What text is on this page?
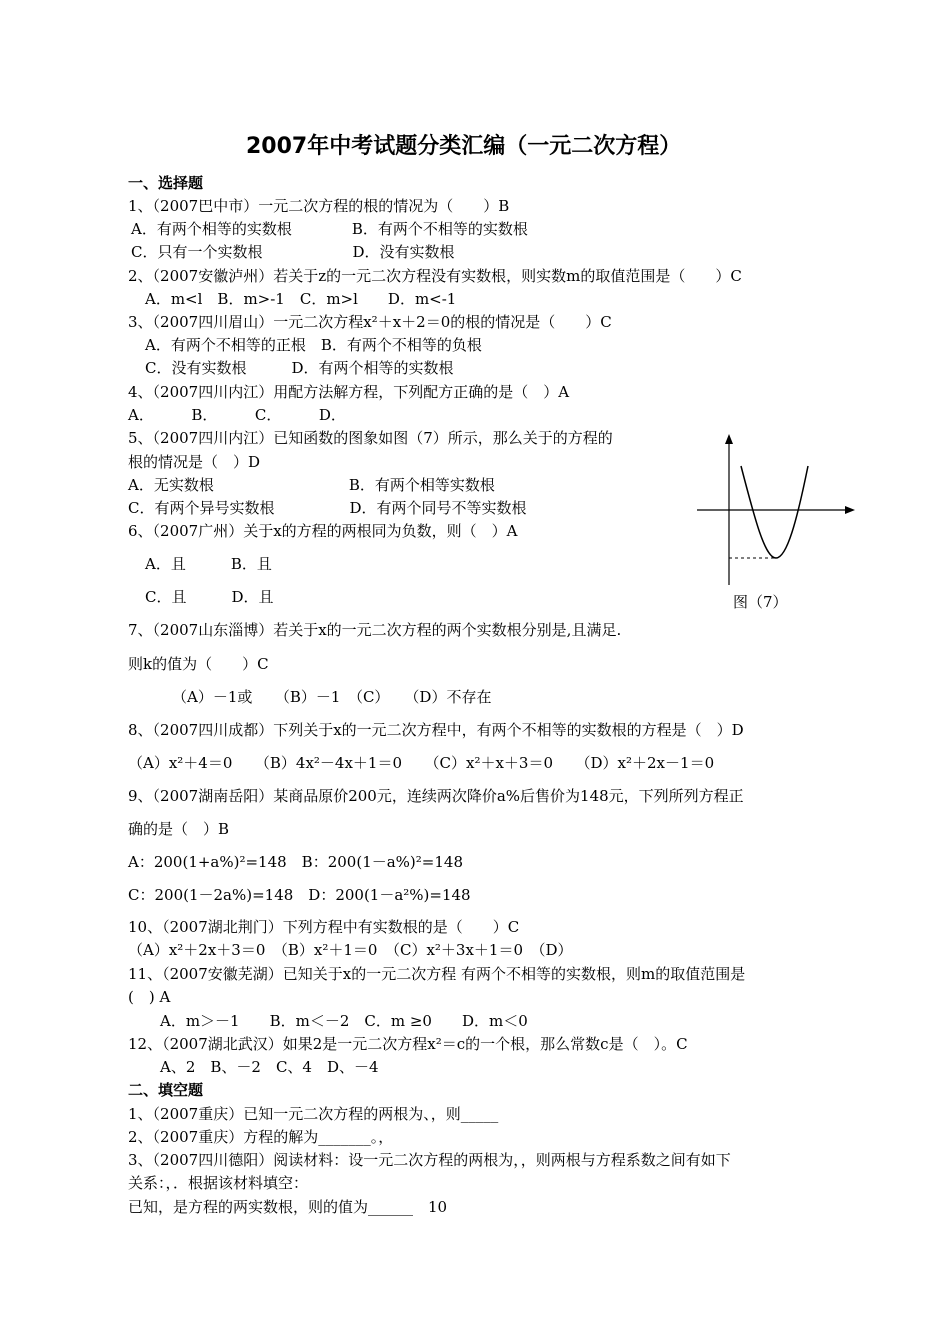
2007年中考试题分类汇编（一元二次方程）
一、选择题
1、（2007巴中市）一元二次方程的根的情况为（　　）B
A．有两个相等的实数根　　　　B．有两个不相等的实数根
C．只有一个实数根　　　　　　D．没有实数根
2、（2007安徽泸州）若关于z的一元二次方程没有实数根，则实数m的取值范围是（　　）C
A．m<l　B．m>-1　C．m>l　　D．m<-1
3、（2007四川眉山）一元二次方程x²＋x＋2＝0的根的情况是（　　）C
A．有两个不相等的正根　B．有两个不相等的负根
C．没有实数根　　　D．有两个相等的实数根
4、（2007四川内江）用配方法解方程，下列配方正确的是（　）A
A．　　　B．　　　C．　　　D．
5、（2007四川内江）已知函数的图象如图（7）所示，那么关于的方程的
根的情况是（　）D
A．无实数根　　　　　　　　　B．有两个相等实数根
C．有两个异号实数根　　　　　D．有两个同号不等实数根
6、（2007广州）关于x的方程的两根同为负数，则（　）A
A．且　　　B．且
C．且　　　D．且
7、（2007山东淄博）若关于x的一元二次方程的两个实数根分别是,且满足.
则k的值为（　　）C
（A）－1或　　（B）－1　（C）　　（D）不存在
8、（2007四川成都）下列关于x的一元二次方程中，有两个不相等的实数根的方程是（　）D
（A）x²＋4＝0　　（B）4x²－4x＋1＝0　　（C）x²＋x＋3＝0　　（D）x²＋2x－1＝0
9、（2007湖南岳阳）某商品原价200元，连续两次降价a%后售价为148元，下列所列方程正
确的是（　）B
A：200(1+a%)²=148　B：200(1－a%)²=148
C：200(1－2a%)=148　D：200(1－a²%)=148
10、（2007湖北荆门）下列方程中有实数根的是（　　）C
（A）x²＋2x＋3＝0　（B）x²＋1＝0　（C）x²＋3x＋1＝0　（D）
11、（2007安徽芜湖）已知关于x的一元二次方程 有两个不相等的实数根，则m的取值范围是
(　) A
A．m＞－1　　B．m＜－2　C．m ≥0　　D．m＜0
12、（2007湖北武汉）如果2是一元二次方程x²＝c的一个根，那么常数c是（　）。C
A、2　B、－2　C、4　D、－4
二、填空题
1、（2007重庆）已知一元二次方程的两根为、，则_____
2、（2007重庆）方程的解为_______。，
3、（2007四川德阳）阅读材料：设一元二次方程的两根为，，则两根与方程系数之间有如下
关系：，．根据该材料填空：
已知，是方程的两实数根，则的值为______　10
图（7）
